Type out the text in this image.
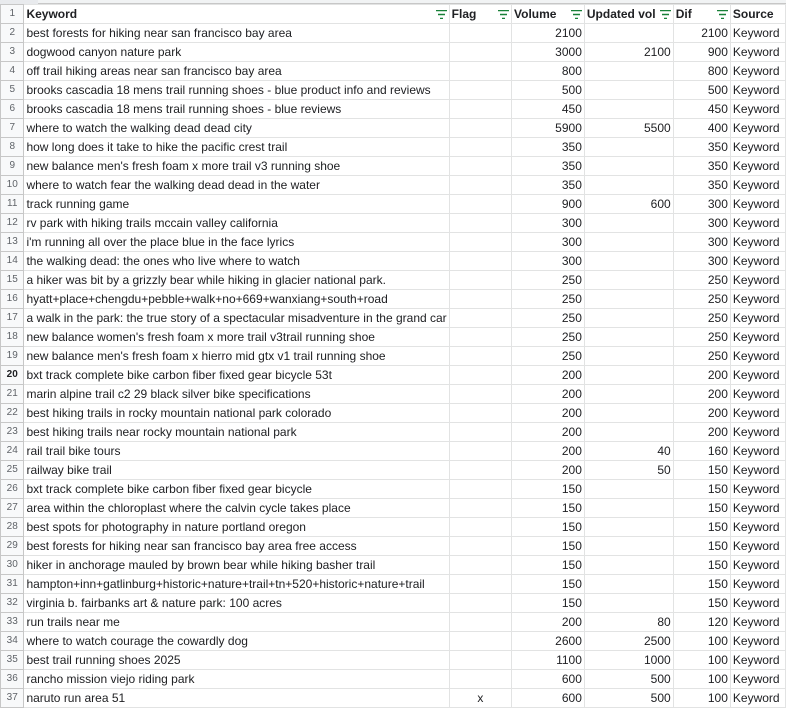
1	Keyword	Flag	Volume	Updated vol	Dif	Source

2	best forests for hiking near san francisco bay area		2100		2100	Keyword
3	dogwood canyon nature park		3000	2100	900	Keyword
4	off trail hiking areas near san francisco bay area		800		800	Keyword
5	brooks cascadia 18 mens trail running shoes - blue product info and reviews		500		500	Keyword
6	brooks cascadia 18 mens trail running shoes - blue reviews		450		450	Keyword
7	where to watch the walking dead dead city		5900	5500	400	Keyword
8	how long does it take to hike the pacific crest trail		350		350	Keyword
9	new balance men's fresh foam x more trail v3 running shoe		350		350	Keyword
10	where to watch fear the walking dead dead in the water		350		350	Keyword
11	track running game		900	600	300	Keyword
12	rv park with hiking trails mccain valley california		300		300	Keyword
13	i'm running all over the place blue in the face lyrics		300		300	Keyword
14	the walking dead: the ones who live where to watch		300		300	Keyword
15	a hiker was bit by a grizzly bear while hiking in glacier national park.		250		250	Keyword
16	hyatt+place+chengdu+pebble+walk+no+669+wanxiang+south+road		250		250	Keyword
17	a walk in the park: the true story of a spectacular misadventure in the grand car		250		250	Keyword
18	new balance women's fresh foam x more trail v3trail running shoe		250		250	Keyword
19	new balance men's fresh foam x hierro mid gtx v1 trail running shoe		250		250	Keyword
20	bxt track complete bike carbon fiber fixed gear bicycle 53t		200		200	Keyword
21	marin alpine trail c2 29 black silver bike specifications		200		200	Keyword
22	best hiking trails in rocky mountain national park colorado		200		200	Keyword
23	best hiking trails near rocky mountain national park		200		200	Keyword
24	rail trail bike tours		200	40	160	Keyword
25	railway bike trail		200	50	150	Keyword
26	bxt track complete bike carbon fiber fixed gear bicycle		150		150	Keyword
27	area within the chloroplast where the calvin cycle takes place		150		150	Keyword
28	best spots for photography in nature portland oregon		150		150	Keyword
29	best forests for hiking near san francisco bay area free access		150		150	Keyword
30	hiker in anchorage mauled by brown bear while hiking basher trail		150		150	Keyword
31	hampton+inn+gatlinburg+historic+nature+trail+tn+520+historic+nature+trail		150		150	Keyword
32	virginia b. fairbanks art & nature park: 100 acres		150		150	Keyword
33	run trails near me		200	80	120	Keyword
34	where to watch courage the cowardly dog		2600	2500	100	Keyword
35	best trail running shoes 2025		1100	1000	100	Keyword
36	rancho mission viejo riding park		600	500	100	Keyword
37	naruto run area 51	x	600	500	100	Keyword
